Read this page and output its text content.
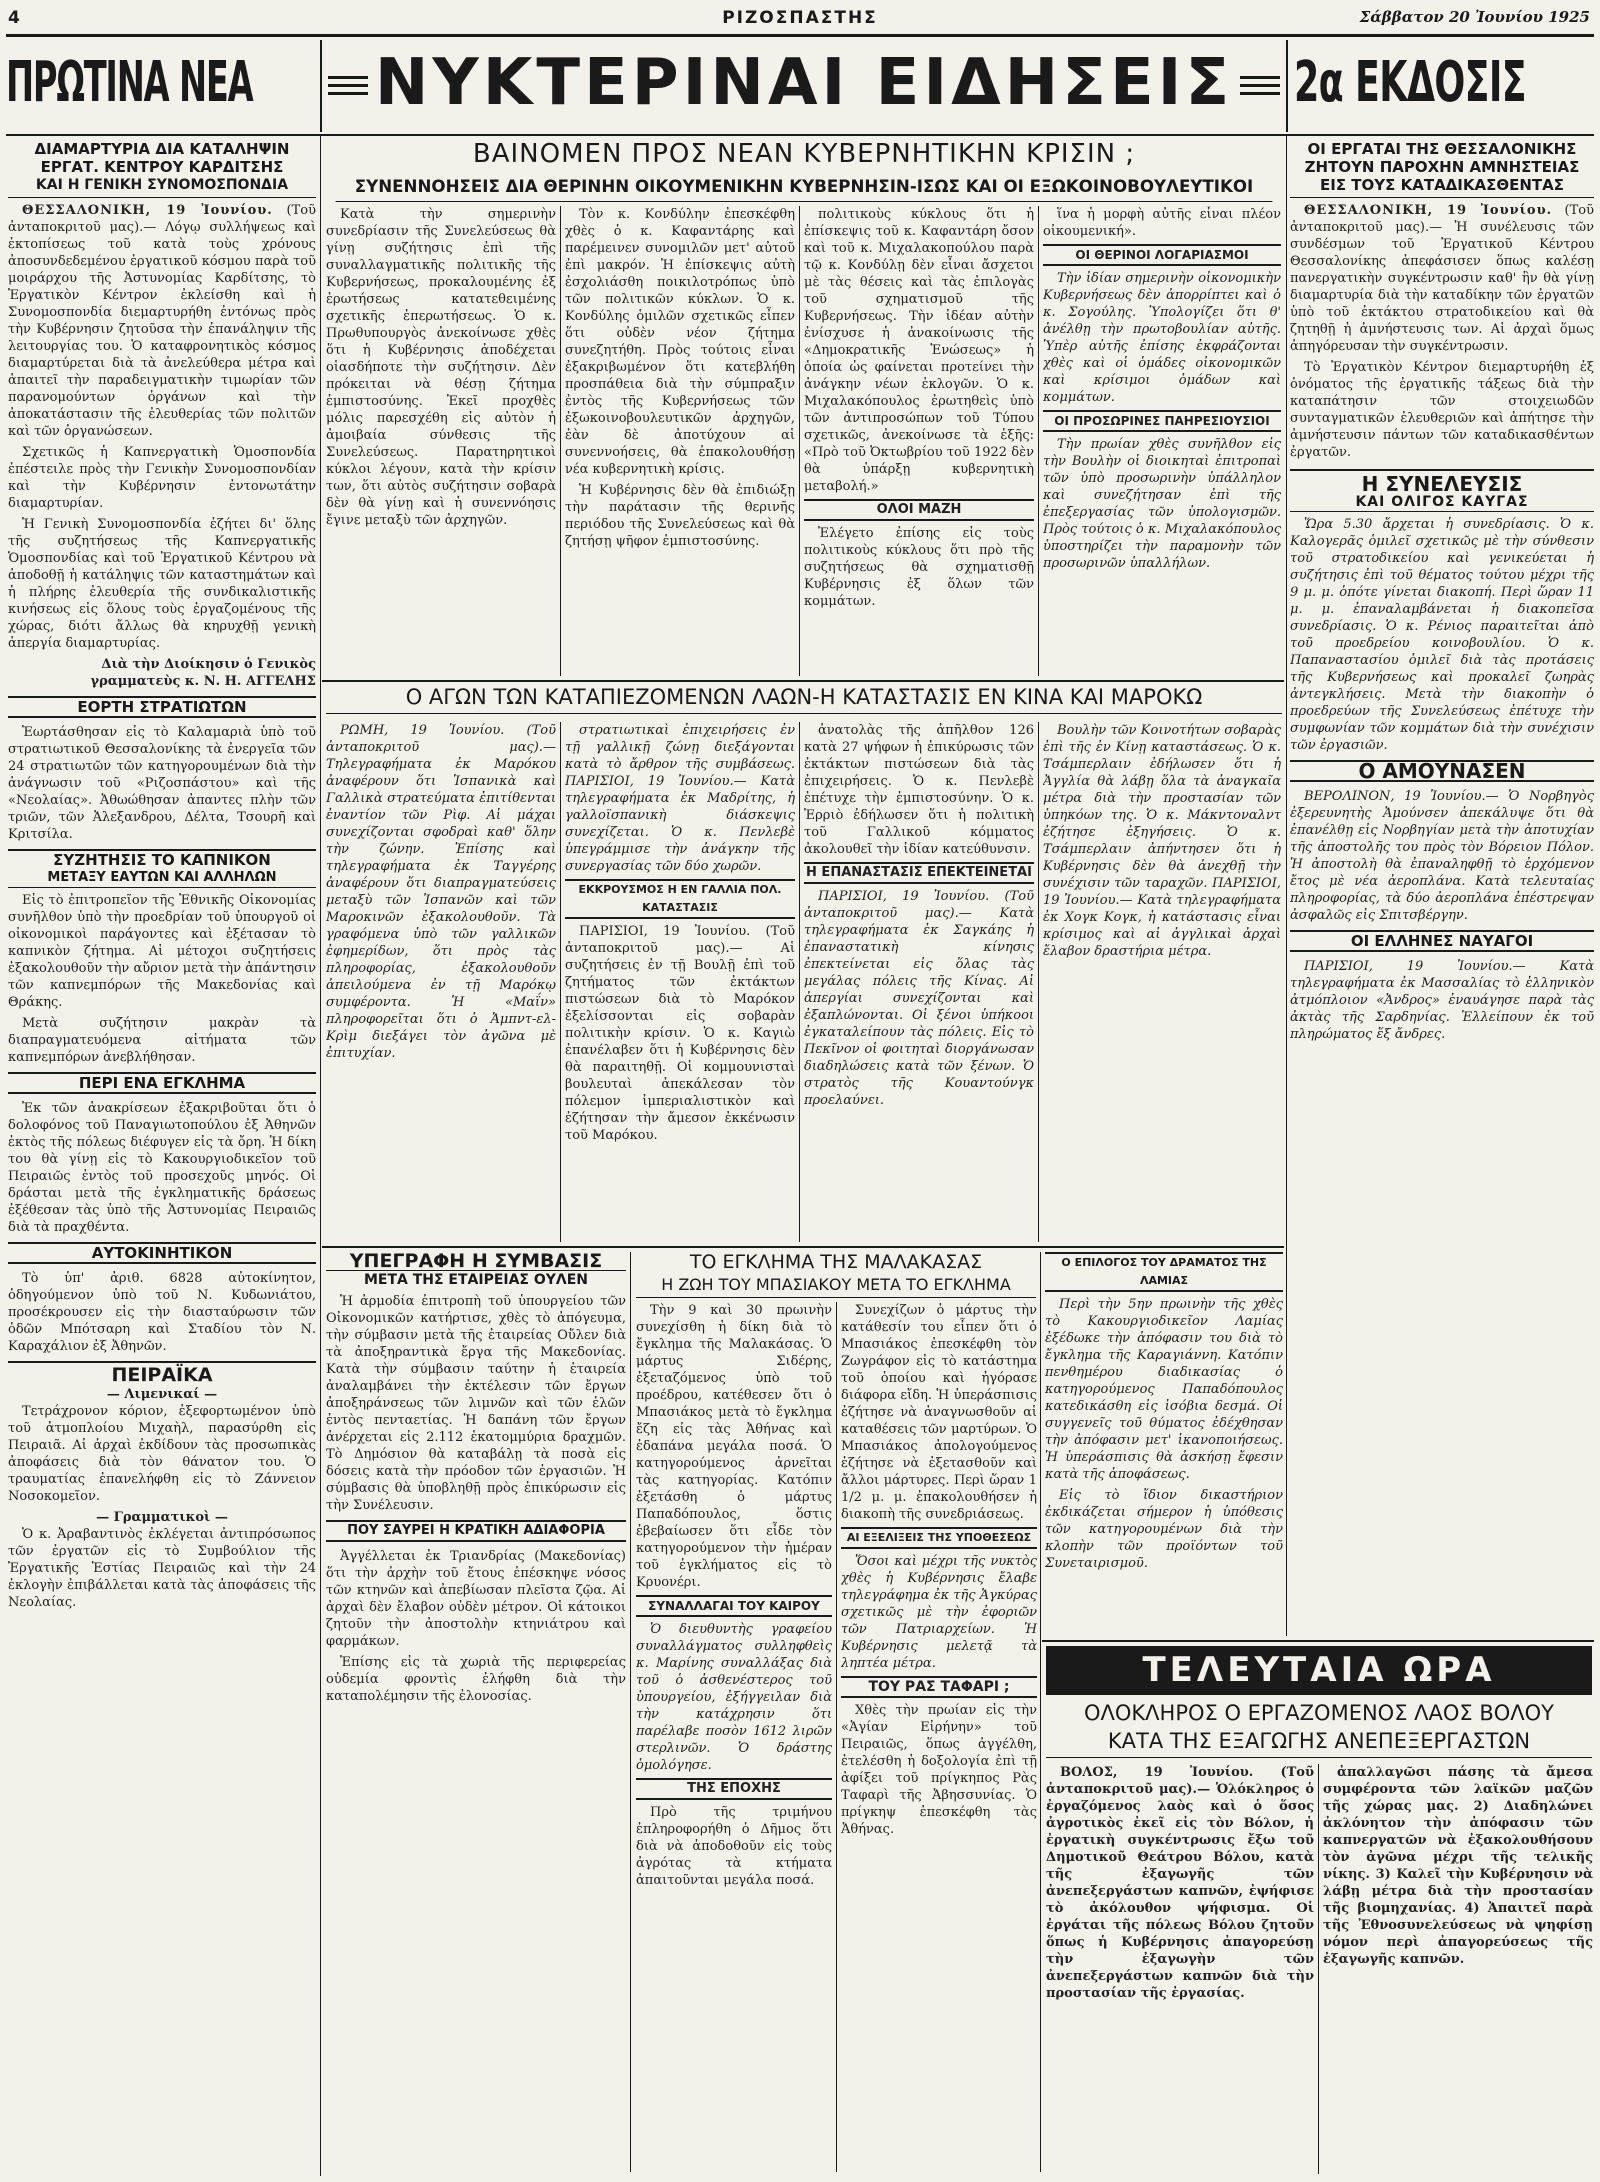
4	ΡΙΖΟΣΠΑΣΤΗΣ	Σάββατον 20 Ἰουνίου 1925
ΠΡΩΤΙΝΑ ΝΕΑ ΝΥΚΤΕΡΙΝΑΙ ΕΙΔΗΣΕΙΣ 2α ΕΚΔΟΣΙΣ
ΔΙΑΜΑΡΤΥΡΙΑ ΔΙΑ ΚΑΤΑΛΗΨΙΝ
ΕΡΓΑΤ. ΚΕΝΤΡΟΥ ΚΑΡΔΙΤΣΗΣ
ΚΑΙ Η ΓΕΝΙΚΗ ΣΥΝΟΜΟΣΠΟΝΔΙΑ

ΘΕΣΣΑΛΟΝΙΚΗ, 19 Ἰουνίου. (Τοῦ ἀνταποκριτοῦ μας).— Λόγῳ συλλήψεως καὶ ἐκτοπίσεως τοῦ κατὰ τοὺς χρόνους ἀποσυνδεδεμένου ἐργατικοῦ κόσμου παρὰ τοῦ μοιράρχου τῆς Ἀστυνομίας Καρδίτσης, τὸ Ἐργατικὸν Κέντρον ἐκλείσθη καὶ ἡ Συνομοσπονδία διεμαρτυρήθη ἐντόνως πρὸς τὴν Κυβέρνησιν ζητοῦσα τὴν ἐπανάληψιν τῆς λειτουργίας του. Ὁ καταφρονητικὸς κόσμος διαμαρτύρεται διὰ τὰ ἀνελεύθερα μέτρα καὶ ἀπαιτεῖ τὴν παραδειγματικὴν τιμωρίαν τῶν παρανομούντων ὀργάνων καὶ τὴν ἀποκατάστασιν τῆς ἐλευθερίας τῶν πολιτῶν καὶ τῶν ὀργανώσεων.

Σχετικῶς ἡ Καπνεργατικὴ Ὁμοσπονδία ἐπέστειλε πρὸς τὴν Γενικὴν Συνομοσπονδίαν καὶ τὴν Κυβέρνησιν ἐντονωτάτην διαμαρτυρίαν.

Ἡ Γενικὴ Συνομοσπονδία ἐζήτει δι' ὅλης τῆς συζητήσεως τῆς Καπνεργατικῆς Ὁμοσπονδίας καὶ τοῦ Ἐργατικοῦ Κέντρου νὰ ἀποδοθῇ ἡ κατάληψις τῶν καταστημάτων καὶ ἡ πλήρης ἐλευθερία τῆς συνδικαλιστικῆς κινήσεως εἰς ὅλους τοὺς ἐργαζομένους τῆς χώρας, διότι ἄλλως θὰ κηρυχθῇ γενικὴ ἀπεργία διαμαρτυρίας.

Διὰ τὴν Διοίκησιν ὁ Γενικὸς γραμματεὺς κ. Ν. Η. ΑΓΓΕΛΗΣ

ΕΟΡΤΗ ΣΤΡΑΤΙΩΤΩΝ

Ἑωρτάσθησαν εἰς τὸ Καλαμαριὰ ὑπὸ τοῦ στρατιωτικοῦ Θεσσαλονίκης τὰ ἐνεργεῖα τῶν 24 στρατιωτῶν τῶν κατηγορουμένων διὰ τὴν ἀνάγνωσιν τοῦ «Ριζοσπάστου» καὶ τῆς «Νεολαίας». Ἀθωώθησαν ἀπαντες πλὴν τῶν τριῶν, τῶν Ἀλεξανδρου, Δέλτα, Τσουρῆ καὶ Κριτσίλα.

ΣΥΖΗΤΗΣΙΣ ΤΟ ΚΑΠΝΙΚΟΝ
ΜΕΤΑΞΥ ΕΑΥΤΩΝ ΚΑΙ ΑΛΛΗΛΩΝ

Εἰς τὸ ἐπιτροπεῖον τῆς Ἐθνικῆς Οἰκονομίας συνῆλθον ὑπὸ τὴν προεδρίαν τοῦ ὑπουργοῦ οἱ οἰκονομικοὶ παράγοντες καὶ ἐξέτασαν τὸ καπνικὸν ζήτημα. Αἱ μέτοχοι συζητήσεις ἐξακολουθοῦν τὴν αὔριον μετὰ τὴν ἀπάντησιν τῶν καπνεμπόρων τῆς Μακεδονίας καὶ Θράκης.

Μετὰ συζήτησιν μακρὰν τὰ διαπραγματευόμενα αἰτήματα τῶν καπνεμπόρων ἀνεβλήθησαν.

ΠΕΡΙ ΕΝΑ ΕΓΚΛΗΜΑ

Ἐκ τῶν ἀνακρίσεων ἐξακριβοῦται ὅτι ὁ δολοφόνος τοῦ Παναγιωτοπούλου ἐξ Ἀθηνῶν ἐκτὸς τῆς πόλεως διέφυγεν εἰς τὰ ὄρη. Ἡ δίκη του θὰ γίνῃ εἰς τὸ Κακουργιοδικεῖον τοῦ Πειραιῶς ἐντὸς τοῦ προσεχοῦς μηνός. Οἱ δράσται μετὰ τῆς ἐγκληματικῆς δράσεως ἐξέθεσαν τὰς ὑπὸ τῆς Ἀστυνομίας Πειραιῶς διὰ τὰ πραχθέντα.

ΑΥΤΟΚΙΝΗΤΙΚΟΝ

Τὸ ὑπ' ἀριθ. 6828 αὐτοκίνητον, ὁδηγούμενον ὑπὸ τοῦ Ν. Κυδωνιάτου, προσέκρουσεν εἰς τὴν διασταύρωσιν τῶν ὁδῶν Μπότσαρη καὶ Σταδίου τὸν Ν. Καραχάλιον ἐξ Ἀθηνῶν.

ΠΕΙΡΑΪΚΑ
— Λιμενικαί —

Τετράχρονον κόριον, ἐξεφορτωμένον ὑπὸ τοῦ ἀτμοπλοίου Μιχαὴλ, παρασύρθη εἰς Πειραιᾶ. Αἰ ἀρχαὶ ἐκδίδουν τὰς προσωπικὰς ἀποφάσεις διὰ τὸν θάνατον του. Ὁ τραυματίας ἐπανελήφθη εἰς τὸ Ζάννειον Νοσοκομεῖον.

— Γραμματικοὶ —

Ὁ κ. Ἀραβαντινὸς ἐκλέγεται ἀντιπρόσωπος τῶν ἐργατῶν εἰς τὸ Συμβούλιον τῆς Ἐργατικῆς Ἑστίας Πειραιῶς καὶ τὴν 24 ἐκλογὴν ἐπιβάλλεται κατὰ τὰς ἀποφάσεις τῆς Νεολαίας.

ΒΑΙΝΟΜΕΝ ΠΡΟΣ ΝΕΑΝ ΚΥΒΕΡΝΗΤΙΚΗΝ ΚΡΙΣΙΝ ;
ΣΥΝΕΝΝΟΗΣΕΙΣ ΔΙΑ ΘΕΡΙΝΗΝ ΟΙΚΟΥΜΕΝΙΚΗΝ ΚΥΒΕΡΝΗΣΙΝ-ΙΣΩΣ ΚΑΙ ΟΙ ΕΞΩΚΟΙΝΟΒΟΥΛΕΥΤΙΚΟΙ

Κατὰ τὴν σημερινὴν συνεδρίασιν τῆς Συνελεύσεως θὰ γίνῃ συζήτησις ἐπὶ τῆς συναλλαγματικῆς πολιτικῆς τῆς Κυβερνήσεως, προκαλουμένης ἐξ ἐρωτήσεως κατατεθειμένης σχετικῆς ἐπερωτήσεως. Ὁ κ. Πρωθυπουργὸς ἀνεκοίνωσε χθὲς ὅτι ἡ Κυβέρνησις ἀποδέχεται οἱασδήποτε τὴν συζήτησιν. Δὲν πρόκειται νὰ θέσῃ ζήτημα ἐμπιστοσύνης. Ἐκεῖ προχθὲς μόλις παρεσχέθη εἰς αὐτὸν ἡ ἀμοιβαία σύνθεσις τῆς Συνελεύσεως. Παρατηρητικοὶ κύκλοι λέγουν, κατὰ τὴν κρίσιν των, ὅτι αὐτὸς συζήτησιν σοβαρὰ δὲν θὰ γίνῃ καὶ ἡ συνεννόησις ἔγινε μεταξὺ τῶν ἀρχηγῶν.

Τὸν κ. Κονδύλην ἐπεσκέφθη χθὲς ὁ κ. Καφαντάρης καὶ παρέμεινεν συνομιλῶν μετ' αὐτοῦ ἐπὶ μακρόν. Ἡ ἐπίσκεψις αὐτὴ ἐσχολιάσθη ποικιλοτρόπως ὑπὸ τῶν πολιτικῶν κύκλων. Ὁ κ. Κονδύλης ὁμιλῶν σχετικῶς εἶπεν ὅτι οὐδὲν νέον ζήτημα συνεζητήθη. Πρὸς τούτοις εἶναι ἐξακριβωμένον ὅτι κατεβλήθη προσπάθεια διὰ τὴν σύμπραξιν ἐντὸς τῆς Κυβερνήσεως τῶν ἐξωκοινοβουλευτικῶν ἀρχηγῶν, ἐὰν δὲ ἀποτύχουν αἱ συνεννοήσεις, θὰ ἐπακολουθήσῃ νέα κυβερνητικὴ κρίσις.

Ἡ Κυβέρνησις δὲν θὰ ἐπιδιώξῃ τὴν παράτασιν τῆς θερινῆς περιόδου τῆς Συνελεύσεως καὶ θὰ ζητήσῃ ψῆφον ἐμπιστοσύνης.

πολιτικοὺς κύκλους ὅτι ἡ ἐπίσκεψις τοῦ κ. Καφαντάρη ὄσον καὶ τοῦ κ. Μιχαλακοπούλου παρὰ τῷ κ. Κονδύλῃ δὲν εἶναι ἄσχετοι μὲ τὰς θέσεις καὶ τὰς ἐπιλογὰς τοῦ σχηματισμοῦ τῆς Κυβερνήσεως. Τὴν ἰδέαν αὐτὴν ἐνίσχυσε ἡ ἀνακοίνωσις τῆς «Δημοκρατικῆς Ἑνώσεως» ἡ ὁποία ὡς φαίνεται προτείνει τὴν ἀνάγκην νέων ἐκλογῶν. Ὁ κ. Μιχαλακόπουλος ἐρωτηθεὶς ὑπὸ τῶν ἀντιπροσώπων τοῦ Τύπου σχετικῶς, ἀνεκοίνωσε τὰ ἑξῆς: «Πρὸ τοῦ Ὀκτωβρίου τοῦ 1922 δὲν θὰ ὑπάρξῃ κυβερνητικὴ μεταβολή.»

ΟΛΟΙ ΜΑΖΗ

Ἐλέγετο ἐπίσης εἰς τοὺς πολιτικοὺς κύκλους ὅτι πρὸ τῆς συζητήσεως θὰ σχηματισθῇ Κυβέρνησις ἐξ ὅλων τῶν κομμάτων.

ἵνα ἡ μορφὴ αὐτῆς εἶναι πλέον οἰκουμενική».

ΟΙ ΘΕΡΙΝΟΙ ΛΟΓΑΡΙΑΣΜΟΙ

Τὴν ἰδίαν σημερινὴν οἰκονομικὴν Κυβερνήσεως δὲν ἀπορρίπτει καὶ ὁ κ. Σογούλης. Ὑπολογίζει ὅτι θ' ἀνέλθῃ τὴν πρωτοβουλίαν αὐτῆς. Ὑπὲρ αὐτῆς ἐπίσης ἐκφράζονται χθὲς καὶ οἱ ὁμάδες οἰκονομικῶν καὶ κρίσιμοι ὁμάδων καὶ κομμάτων.

ΟΙ ΠΡΟΣΩΡΙΝΕΣ ΠΑΗΡΕΣΙΟΥΣΙΟΙ

Τὴν πρωίαν χθὲς συνῆλθον εἰς τὴν Βουλὴν οἱ διοικηταὶ ἐπιτροπαὶ τῶν ὑπὸ προσωρινὴν ὑπάλληλον καὶ συνεζήτησαν ἐπὶ τῆς ἐπεξεργασίας τῶν ὑπολογισμῶν. Πρὸς τούτοις ὁ κ. Μιχαλακόπουλος ὑποστηρίζει τὴν παραμονὴν τῶν προσωρινῶν ὑπαλλήλων.

Ο ΑΓΩΝ ΤΩΝ ΚΑΤΑΠΙΕΖΟΜΕΝΩΝ ΛΑΩΝ-Η ΚΑΤΑΣΤΑΣΙΣ ΕΝ ΚΙΝΑ ΚΑΙ ΜΑΡΟΚΩ

ΡΩΜΗ, 19 Ἰουνίου. (Τοῦ ἀνταποκριτοῦ μας).— Τηλεγραφήματα ἐκ Μαρόκου ἀναφέρουν ὅτι Ἱσπανικὰ καὶ Γαλλικὰ στρατεύματα ἐπιτίθενται ἐναντίον τῶν Ρὶφ. Αἱ μάχαι συνεχίζονται σφοδραὶ καθ' ὅλην τὴν ζώνην. Ἐπίσης καὶ τηλεγραφήματα ἐκ Ταγγέρης ἀναφέρουν ὅτι διαπραγματεύσεις μεταξὺ τῶν Ἰσπανῶν καὶ τῶν Μαροκινῶν ἐξακολουθοῦν. Τὰ γραφόμενα ὑπὸ τῶν γαλλικῶν ἐφημερίδων, ὅτι πρὸς τὰς πληροφορίας, ἐξακολουθοῦν ἀπειλούμενα ἐν τῇ Μαρόκῳ συμφέροντα. Ἡ «Μαΐν» πληροφορεῖται ὅτι ὁ Ἀμπντ-ελ-Κρὶμ διεξάγει τὸν ἀγῶνα μὲ ἐπιτυχίαν.

στρατιωτικαὶ ἐπιχειρήσεις ἐν τῇ γαλλικῇ ζώνῃ διεξάγονται κατὰ τὸ ἄρθρον τῆς συμβάσεως. ΠΑΡΙΣΙΟΙ, 19 Ἰουνίου.— Κατὰ τηλεγραφήματα ἐκ Μαδρίτης, ἡ γαλλοϊσπανικὴ διάσκεψις συνεχίζεται. Ὁ κ. Πενλεβὲ ὑπεγράμμισε τὴν ἀνάγκην τῆς συνεργασίας τῶν δύο χωρῶν.

ΕΚΚΡΟΥΣΜΟΣ Η ΕΝ ΓΑΛΛΙΑ ΠΟΛ. ΚΑΤΑΣΤΑΣΙΣ

ΠΑΡΙΣΙΟΙ, 19 Ἰουνίου. (Τοῦ ἀνταποκριτοῦ μας).— Αἱ συζητήσεις ἐν τῇ Βουλῇ ἐπὶ τοῦ ζητήματος τῶν ἐκτάκτων πιστώσεων διὰ τὸ Μαρόκον ἐξελίσσονται εἰς σοβαρὰν πολιτικὴν κρίσιν. Ὁ κ. Καγιὼ ἐπανέλαβεν ὅτι ἡ Κυβέρνησις δὲν θὰ παραιτηθῇ. Οἱ κομμουνισταὶ βουλευταὶ ἀπεκάλεσαν τὸν πόλεμον ἰμπεριαλιστικὸν καὶ ἐζήτησαν τὴν ἄμεσον ἐκκένωσιν τοῦ Μαρόκου.

ἀνατολὰς τῆς ἀπῆλθον 126 κατὰ 27 ψήφων ἡ ἐπικύρωσις τῶν ἐκτάκτων πιστώσεων διὰ τὰς ἐπιχειρήσεις. Ὁ κ. Πενλεβὲ ἐπέτυχε τὴν ἐμπιστοσύνην. Ὁ κ. Ἐρριὸ ἐδήλωσεν ὅτι ἡ πολιτικὴ τοῦ Γαλλικοῦ κόμματος ἀκολουθεῖ τὴν ἰδίαν κατεύθυνσιν.

Η ΕΠΑΝΑΣΤΑΣΙΣ ΕΠΕΚΤΕΙΝΕΤΑΙ

ΠΑΡΙΣΙΟΙ, 19 Ἰουνίου. (Τοῦ ἀνταποκριτοῦ μας).— Κατὰ τηλεγραφήματα ἐκ Σαγκάης ἡ ἐπαναστατικὴ κίνησις ἐπεκτείνεται εἰς ὅλας τὰς μεγάλας πόλεις τῆς Κίνας. Αἱ ἀπεργίαι συνεχίζονται καὶ ἐξαπλώνονται. Οἱ ξένοι ὑπήκοοι ἐγκαταλείπουν τὰς πόλεις. Εἰς τὸ Πεκῖνον οἱ φοιτηταὶ διοργάνωσαν διαδηλώσεις κατὰ τῶν ξένων. Ὁ στρατὸς τῆς Κουαντούνγκ προελαύνει.

Βουλὴν τῶν Κοινοτήτων σοβαρὰς ἐπὶ τῆς ἐν Κίνῃ καταστάσεως. Ὁ κ. Τσάμπερλαιν ἐδήλωσεν ὅτι ἡ Ἀγγλία θὰ λάβῃ ὅλα τὰ ἀναγκαῖα μέτρα διὰ τὴν προστασίαν τῶν ὑπηκόων της. Ὁ κ. Μάκντοναλντ ἐζήτησε ἐξηγήσεις. Ὁ κ. Τσάμπερλαιν ἀπήντησεν ὅτι ἡ Κυβέρνησις δὲν θὰ ἀνεχθῇ τὴν συνέχισιν τῶν ταραχῶν. ΠΑΡΙΣΙΟΙ, 19 Ἰουνίου.— Κατὰ τηλεγραφήματα ἐκ Χογκ Κογκ, ἡ κατάστασις εἶναι κρίσιμος καὶ αἱ ἀγγλικαὶ ἀρχαὶ ἔλαβον δραστήρια μέτρα.

ΟΙ ΕΡΓΑΤΑΙ ΤΗΣ ΘΕΣΣΑΛΟΝΙΚΗΣ
ΖΗΤΟΥΝ ΠΑΡΟΧΗΝ ΑΜΝΗΣΤΕΙΑΣ
ΕΙΣ ΤΟΥΣ ΚΑΤΑΔΙΚΑΣΘΕΝΤΑΣ

ΘΕΣΣΑΛΟΝΙΚΗ, 19 Ἰουνίου. (Τοῦ ἀνταποκριτοῦ μας).— Ἡ συνέλευσις τῶν συνδέσμων τοῦ Ἐργατικοῦ Κέντρου Θεσσαλονίκης ἀπεφάσισεν ὅπως καλέσῃ πανεργατικὴν συγκέντρωσιν καθ' ἣν θὰ γίνῃ διαμαρτυρία διὰ τὴν καταδίκην τῶν ἐργατῶν ὑπὸ τοῦ ἐκτάκτου στρατοδικείου καὶ θὰ ζητηθῇ ἡ ἀμνήστευσις των. Αἱ ἀρχαὶ ὅμως ἀπηγόρευσαν τὴν συγκέντρωσιν.

Τὸ Ἐργατικὸν Κέντρον διεμαρτυρήθη ἐξ ὀνόματος τῆς ἐργατικῆς τάξεως διὰ τὴν καταπάτησιν τῶν στοιχειωδῶν συνταγματικῶν ἐλευθεριῶν καὶ ἀπήτησε τὴν ἀμνήστευσιν πάντων τῶν καταδικασθέντων ἐργατῶν.

Η ΣΥΝΕΛΕΥΣΙΣ
ΚΑΙ ΟΛΙΓΟΣ ΚΑΥΓΑΣ

Ὥρα 5.30 ἄρχεται ἡ συνεδρίασις. Ὁ κ. Καλογερᾶς ὁμιλεῖ σχετικῶς μὲ τὴν σύνθεσιν τοῦ στρατοδικείου καὶ γενικεύεται ἡ συζήτησις ἐπὶ τοῦ θέματος τούτου μέχρι τῆς 9 μ. μ. ὁπότε γίνεται διακοπή. Περὶ ὥραν 11 μ. μ. ἐπαναλαμβάνεται ἡ διακοπεῖσα συνεδρίασις. Ὁ κ. Ρένιος παραιτεῖται ἀπὸ τοῦ προεδρείου κοινοβουλίου. Ὁ κ. Παπαναστασίου ὁμιλεῖ διὰ τὰς προτάσεις τῆς Κυβερνήσεως καὶ προκαλεῖ ζωηρὰς ἀντεγκλήσεις. Μετὰ τὴν διακοπὴν ὁ προεδρεύων τῆς Συνελεύσεως ἐπέτυχε τὴν συμφωνίαν τῶν κομμάτων διὰ τὴν συνέχισιν τῶν ἐργασιῶν.

Ο ΑΜΟΥΝΑΣΕΝ

ΒΕΡΟΛΙΝΟΝ, 19 Ἰουνίου.— Ὁ Νορβηγὸς ἐξερευνητὴς Ἀμούνσεν ἀπεκάλυψε ὅτι θὰ ἐπανέλθῃ εἰς Νορβηγίαν μετὰ τὴν ἀποτυχίαν τῆς ἀποστολῆς του πρὸς τὸν Βόρειον Πόλον. Ἡ ἀποστολὴ θὰ ἐπαναληφθῇ τὸ ἐρχόμενον ἔτος μὲ νέα ἀεροπλάνα. Κατὰ τελευταίας πληροφορίας, τὰ δύο ἀεροπλάνα ἐπέστρεψαν ἀσφαλῶς εἰς Σπιτσβέργην.

ΟΙ ΕΛΛΗΝΕΣ ΝΑΥΑΓΟΙ

ΠΑΡΙΣΙΟΙ, 19 Ἰουνίου.— Κατὰ τηλεγραφήματα ἐκ Μασσαλίας τὸ ἑλληνικὸν ἀτμόπλοιον «Ἀνδρος» ἐναυάγησε παρὰ τὰς ἀκτὰς τῆς Σαρδηνίας. Ἐλλείπουν ἐκ τοῦ πληρώματος ἕξ ἄνδρες.

ΥΠΕΓΡΑΦΗ Η ΣΥΜΒΑΣΙΣ
ΜΕΤΑ ΤΗΣ ΕΤΑΙΡΕΙΑΣ ΟΥΛΕΝ

Ἡ ἀρμοδία ἐπιτροπὴ τοῦ ὑπουργείου τῶν Οἰκονομικῶν κατήρτισε, χθὲς τὸ ἀπόγευμα, τὴν σύμβασιν μετὰ τῆς ἐταιρείας Οὔλεν διὰ τὰ ἀποξηραντικὰ ἔργα τῆς Μακεδονίας. Κατὰ τὴν σύμβασιν ταύτην ἡ ἑταιρεία ἀναλαμβάνει τὴν ἐκτέλεσιν τῶν ἔργων ἀποξηράνσεως τῶν λιμνῶν καὶ τῶν ἑλῶν ἐντὸς πενταετίας. Ἡ δαπάνη τῶν ἔργων ἀνέρχεται εἰς 2.112 ἑκατομμύρια δραχμῶν. Τὸ Δημόσιον θὰ καταβάλῃ τὰ ποσὰ εἰς δόσεις κατὰ τὴν πρόοδον τῶν ἐργασιῶν. Ἡ σύμβασις θὰ ὑποβληθῇ πρὸς ἐπικύρωσιν εἰς τὴν Συνέλευσιν.

ΠΟΥ ΣΑΥΡΕΙ Η ΚΡΑΤΙΚΗ ΑΔΙΑΦΟΡΙΑ

Ἀγγέλλεται ἐκ Τριανδρίας (Μακεδονίας) ὅτι τὴν ἀρχὴν τοῦ ἔτους ἐπέσκηψε νόσος τῶν κτηνῶν καὶ ἀπεβίωσαν πλεῖστα ζῷα. Αἱ ἀρχαὶ δὲν ἔλαβον οὐδὲν μέτρον. Οἱ κάτοικοι ζητοῦν τὴν ἀποστολὴν κτηνιάτρου καὶ φαρμάκων.

Ἐπίσης εἰς τὰ χωριὰ τῆς περιφερείας οὐδεμία φροντὶς ἐλήφθη διὰ τὴν καταπολέμησιν τῆς ἐλονοσίας.

ΤΟ ΕΓΚΛΗΜΑ ΤΗΣ ΜΑΛΑΚΑΣΑΣ
Η ΖΩΗ ΤΟΥ ΜΠΑΣΙΑΚΟΥ ΜΕΤΑ ΤΟ ΕΓΚΛΗΜΑ

Τὴν 9 καὶ 30 πρωινὴν συνεχίσθη ἡ δίκη διὰ τὸ ἔγκλημα τῆς Μαλακάσας. Ὁ μάρτυς Σιδέρης, ἐξεταζόμενος ὑπὸ τοῦ προέδρου, κατέθεσεν ὅτι ὁ Μπασιάκος μετὰ τὸ ἔγκλημα ἔζη εἰς τὰς Ἀθήνας καὶ ἐδαπάνα μεγάλα ποσά. Ὁ κατηγορούμενος ἀρνεῖται τὰς κατηγορίας. Κατόπιν ἐξετάσθη ὁ μάρτυς Παπαδόπουλος, ὅστις ἐβεβαίωσεν ὅτι εἶδε τὸν κατηγορούμενον τὴν ἡμέραν τοῦ ἐγκλήματος εἰς τὸ Κρυονέρι.

ΣΥΝΑΛΛΑΓΑΙ ΤΟΥ ΚΑΙΡΟΥ

Ὁ διευθυντὴς γραφείου συναλλάγματος συλληφθεὶς κ. Μαρίνης συναλλάξας διὰ τοῦ ὁ ἀσθενέστερος τοῦ ὑπουργείου, ἐξήγγειλαν διὰ τὴν κατάχρησιν ὅτι παρέλαβε ποσὸν 1612 λιρῶν στερλινῶν. Ὁ δράστης ὁμολόγησε.

ΤΗΣ ΕΠΟΧΗΣ

Πρὸ τῆς τριμήνου ἐπληροφορήθη ὁ Δῆμος ὅτι διὰ νὰ ἀποδοθοῦν εἰς τοὺς ἀγρότας τὰ κτήματα ἀπαιτοῦνται μεγάλα ποσά.

Συνεχίζων ὁ μάρτυς τὴν κατάθεσίν του εἶπεν ὅτι ὁ Μπασιάκος ἐπεσκέφθη τὸν Ζωγράφον εἰς τὸ κατάστημα τοῦ ὁποίου καὶ ἠγόρασε διάφορα εἴδη. Ἡ ὑπεράσπισις ἐζήτησε νὰ ἀναγνωσθοῦν αἱ καταθέσεις τῶν μαρτύρων. Ὁ Μπασιάκος ἀπολογούμενος ἐζήτησε νὰ ἐξετασθοῦν καὶ ἄλλοι μάρτυρες. Περὶ ὥραν 1 1/2 μ. μ. ἐπακολουθήσεν ἡ διακοπὴ τῆς συνεδριάσεως.

ΑΙ ΕΞΕΛΙΞΕΙΣ ΤΗΣ ΥΠΟΘΕΣΕΩΣ

Ὅσοι καὶ μέχρι τῆς νυκτὸς χθὲς ἡ Κυβέρνησις ἔλαβε τηλεγράφημα ἐκ τῆς Ἀγκύρας σχετικῶς μὲ τὴν ἐφοριῶν τῶν Πατριαρχείων. Ἡ Κυβέρνησις μελετᾷ τὰ ληπτέα μέτρα.

ΤΟΥ ΡΑΣ ΤΑΦΑΡΙ ;

Χθὲς τὴν πρωίαν εἰς τὴν «Ἀγίαν Εἰρήνην» τοῦ Πειραιῶς, ὅπως ἀγγέλθη, ἐτελέσθη ἡ δοξολογία ἐπὶ τῇ ἀφίξει τοῦ πρίγκηπος Ρὰς Ταφαρὶ τῆς Ἀβησσυνίας. Ὁ πρίγκηψ ἐπεσκέφθη τὰς Ἀθήνας.

Ο ΕΠΙΛΟΓΟΣ ΤΟΥ ΔΡΑΜΑΤΟΣ ΤΗΣ ΛΑΜΙΑΣ

Περὶ τὴν 5ην πρωινὴν τῆς χθὲς τὸ Κακουργιοδικεῖον Λαμίας ἐξέδωκε τὴν ἀπόφασιν του διὰ τὸ ἔγκλημα τῆς Καραγιάννη. Κατόπιν πενθημέρου διαδικασίας ὁ κατηγορούμενος Παπαδόπουλος κατεδικάσθη εἰς ἰσόβια δεσμά. Οἱ συγγενεῖς τοῦ θύματος ἐδέχθησαν τὴν ἀπόφασιν μετ' ἱκανοποιήσεως. Ἡ ὑπεράσπισις θὰ ἀσκήσῃ ἔφεσιν κατὰ τῆς ἀποφάσεως.

Εἰς τὸ ἴδιον δικαστήριον ἐκδικάζεται σήμερον ἡ ὑπόθεσις τῶν κατηγορουμένων διὰ τὴν κλοπὴν τῶν προϊόντων τοῦ Συνεταιρισμοῦ.

ΤΕΛΕΥΤΑΙΑ ΩΡΑ
ΟΛΟΚΛΗΡΟΣ Ο ΕΡΓΑΖΟΜΕΝΟΣ ΛΑΟΣ ΒΟΛΟΥ
ΚΑΤΑ ΤΗΣ ΕΞΑΓΩΓΗΣ ΑΝΕΠΕΞΕΡΓΑΣΤΩΝ

ΒΟΛΟΣ, 19 Ἰουνίου. (Τοῦ ἀνταποκριτοῦ μας).— Ὁλόκληρος ὁ ἐργαζόμενος λαὸς καὶ ὁ ὅσος ἀγροτικὸς ἐκεῖ εἰς τὸν Βόλον, ἡ ἐργατικὴ συγκέντρωσις ἔξω τοῦ Δημοτικοῦ Θεάτρου Βόλου, κατὰ τῆς ἐξαγωγῆς τῶν ἀνεπεξεργάστων καπνῶν, ἐψήφισε τὸ ἀκόλουθον ψήφισμα. Οἱ ἐργάται τῆς πόλεως Βόλου ζητοῦν ὅπως ἡ Κυβέρνησις ἀπαγορεύσῃ τὴν ἐξαγωγὴν τῶν ἀνεπεξεργάστων καπνῶν διὰ τὴν προστασίαν τῆς ἐργασίας.

ἀπαλλαγῶσι πάσης τὰ ἄμεσα συμφέροντα τῶν λαϊκῶν μαζῶν τῆς χώρας μας. 2) Διαδηλώνει ἀκλόνητον τὴν ἀπόφασιν τῶν καπνεργατῶν νὰ ἐξακολουθήσουν τὸν ἀγῶνα μέχρι τῆς τελικῆς νίκης. 3) Καλεῖ τὴν Κυβέρνησιν νὰ λάβῃ μέτρα διὰ τὴν προστασίαν τῆς βιομηχανίας. 4) Ἀπαιτεῖ παρὰ τῆς Ἐθνοσυνελεύσεως νὰ ψηφίσῃ νόμον περὶ ἀπαγορεύσεως τῆς ἐξαγωγῆς καπνῶν.
